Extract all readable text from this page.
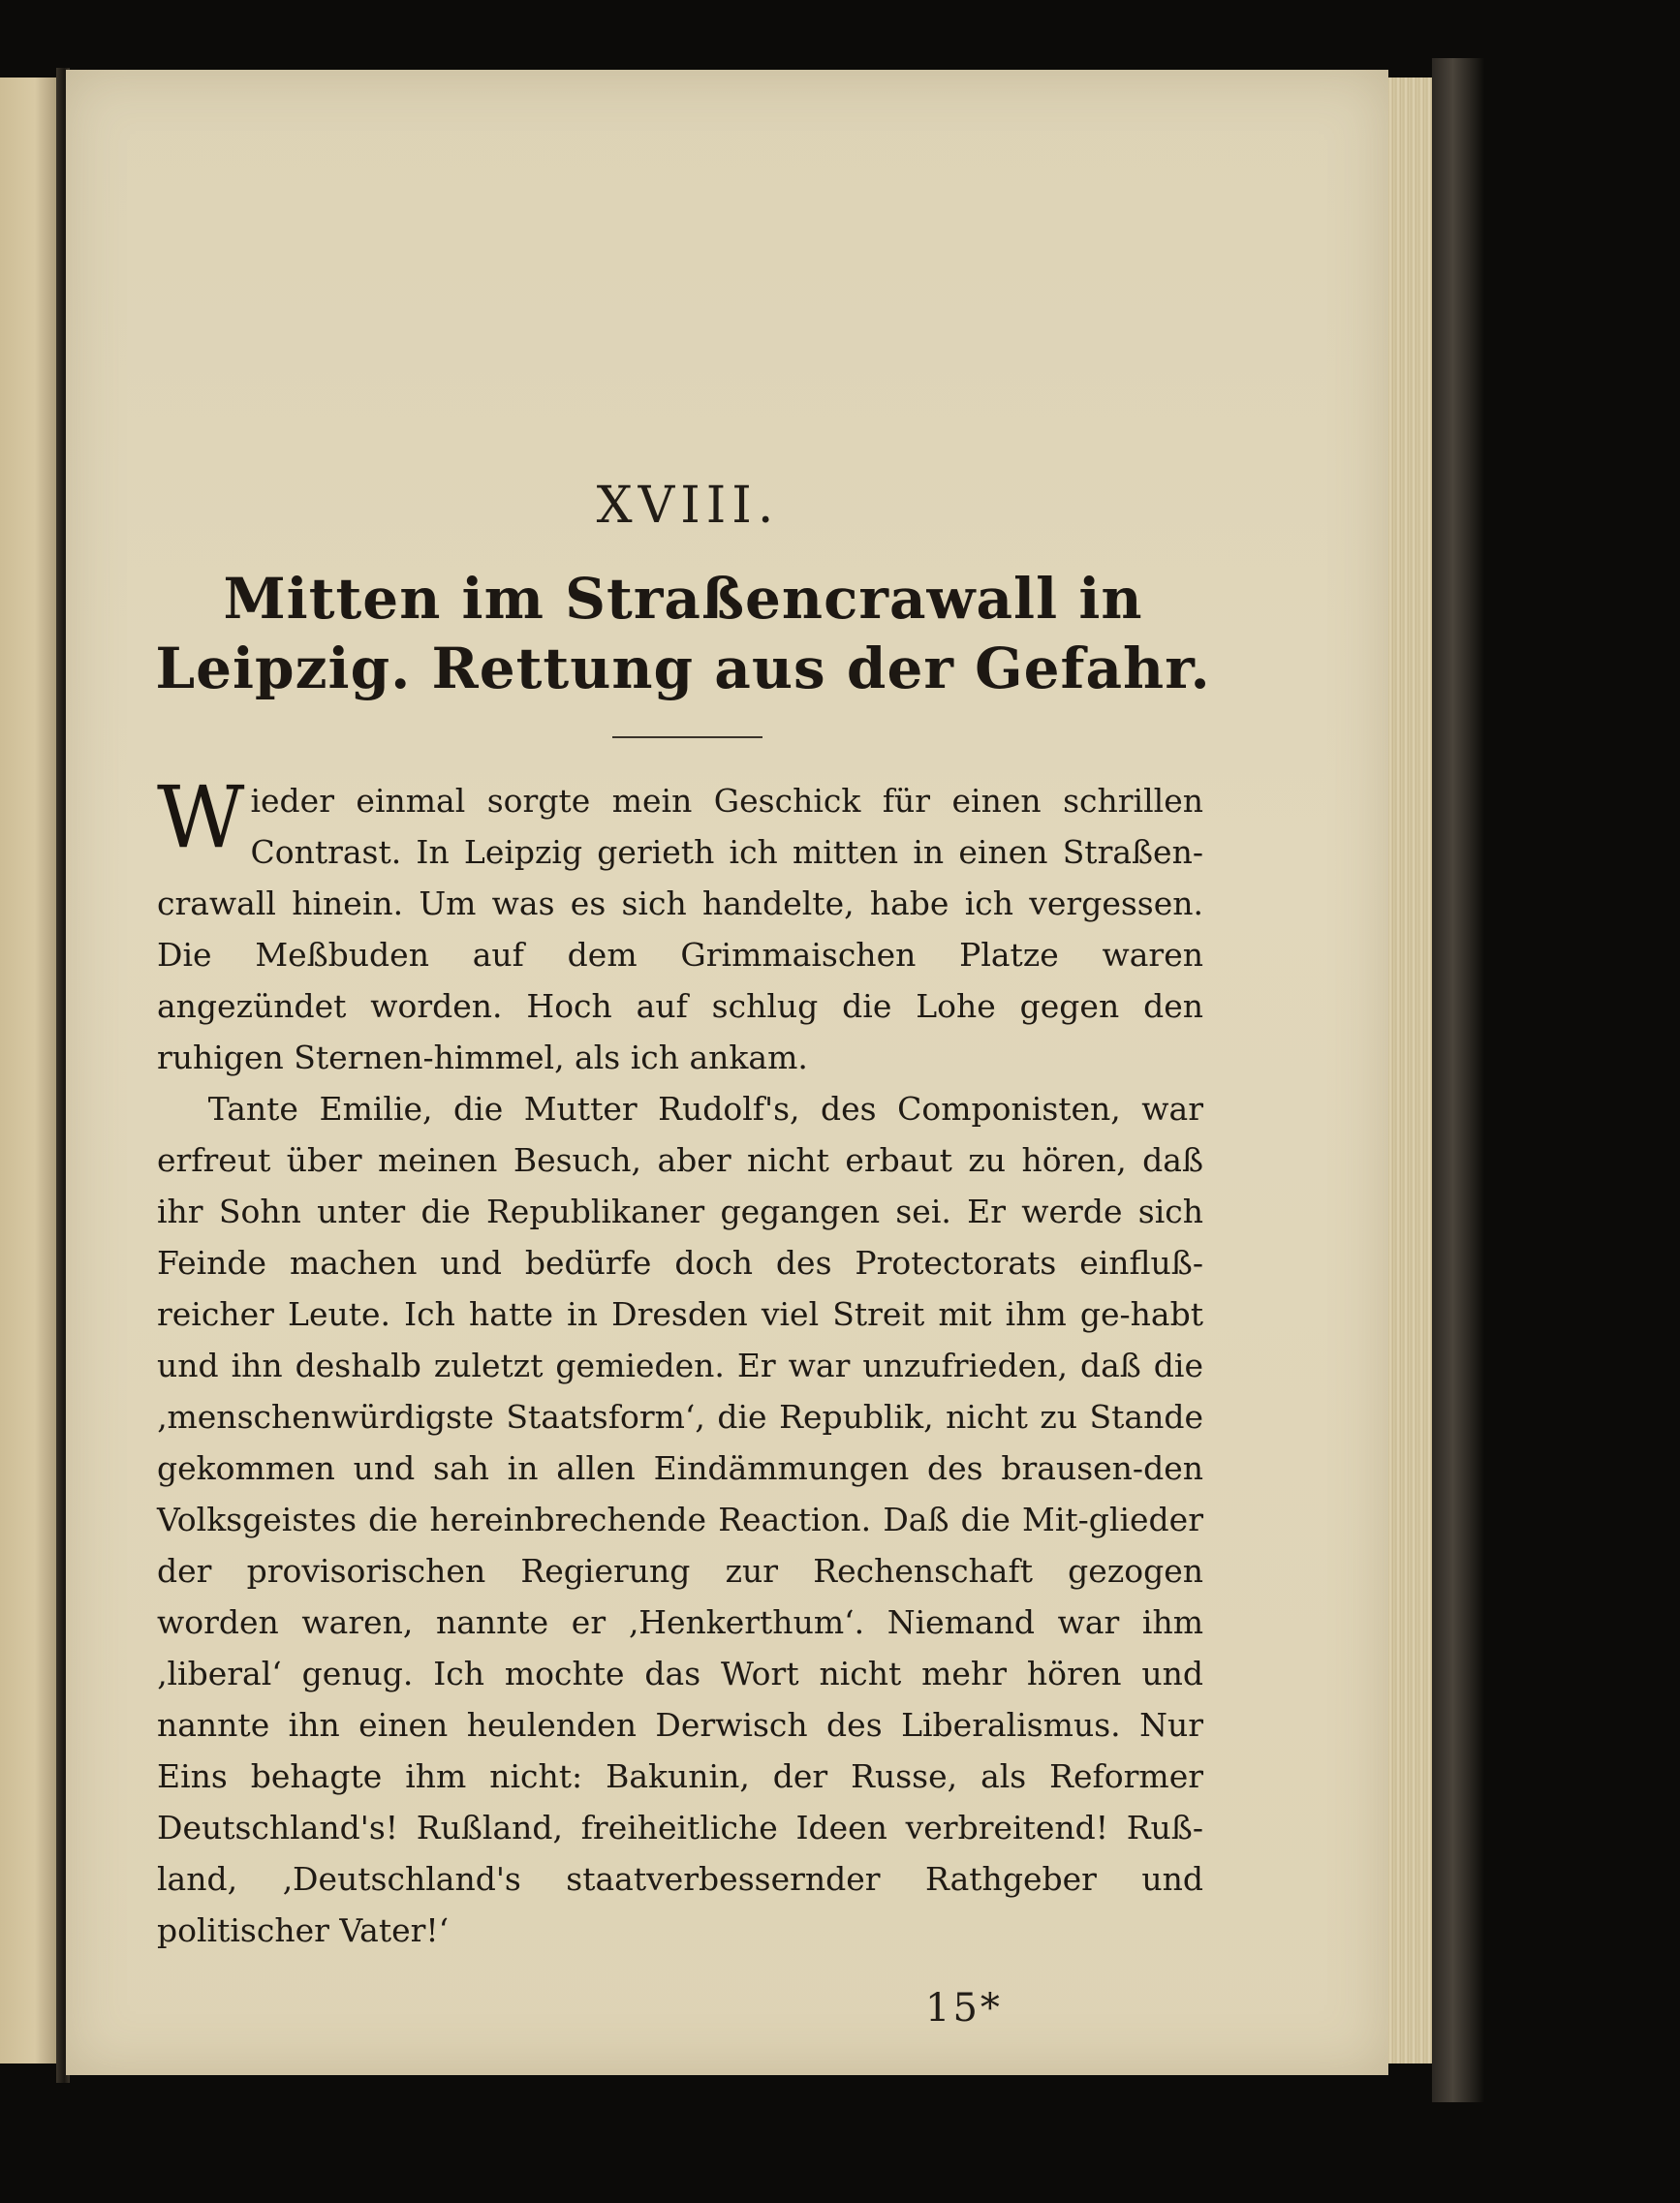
XVIII.
Mitten im Straßencrawall in Leipzig. Rettung aus der Gefahr.

Wieder einmal sorgte mein Geschick für einen schrillen Contrast. In Leipzig gerieth ich mitten in einen Straßen-crawall hinein. Um was es sich handelte, habe ich vergessen. Die Meßbuden auf dem Grimmaischen Platze waren angezündet worden. Hoch auf schlug die Lohe gegen den ruhigen Sternen-himmel, als ich ankam.

Tante Emilie, die Mutter Rudolf's, des Componisten, war erfreut über meinen Besuch, aber nicht erbaut zu hören, daß ihr Sohn unter die Republikaner gegangen sei. Er werde sich Feinde machen und bedürfe doch des Protectorats einfluß-reicher Leute. Ich hatte in Dresden viel Streit mit ihm ge-habt und ihn deshalb zuletzt gemieden. Er war unzufrieden, daß die ‚menschenwürdigste Staatsform‘, die Republik, nicht zu Stande gekommen und sah in allen Eindämmungen des brausen-den Volksgeistes die hereinbrechende Reaction. Daß die Mit-glieder der provisorischen Regierung zur Rechenschaft gezogen worden waren, nannte er ‚Henkerthum‘. Niemand war ihm ‚liberal‘ genug. Ich mochte das Wort nicht mehr hören und nannte ihn einen heulenden Derwisch des Liberalismus. Nur Eins behagte ihm nicht: Bakunin, der Russe, als Reformer Deutschland's! Rußland, freiheitliche Ideen verbreitend! Ruß-land, ‚Deutschland's staatverbessernder Rathgeber und politischer Vater!‘

15*
